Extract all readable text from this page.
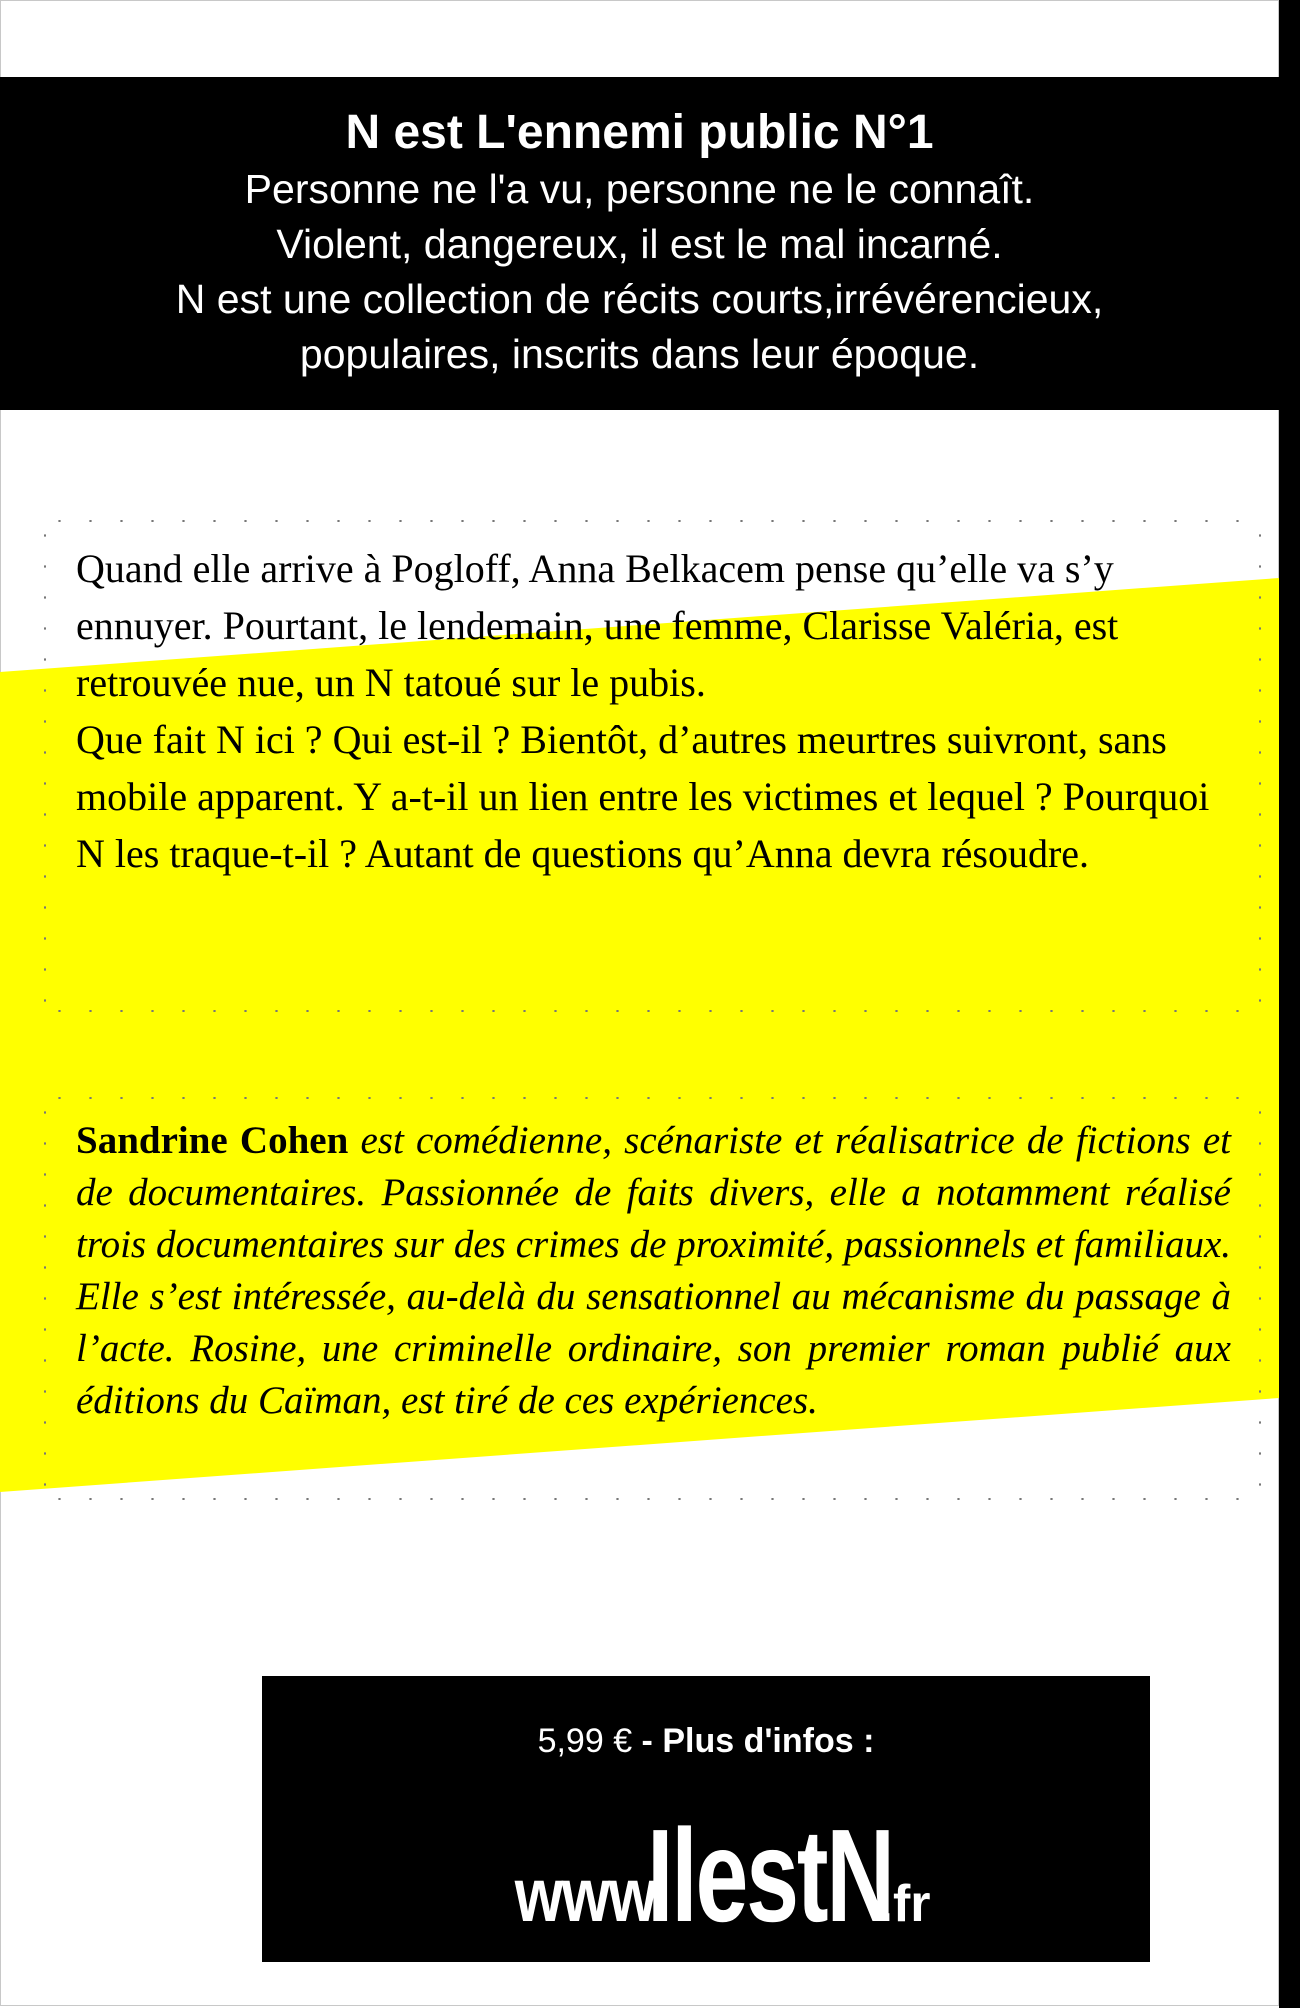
N est L'ennemi public N°1
Personne ne l'a vu, personne ne le connaît.
Violent, dangereux, il est le mal incarné.
N est une collection de récits courts,irrévérencieux,
populaires, inscrits dans leur époque.

Quand elle arrive à Pogloff, Anna Belkacem pense qu’elle va s’y ennuyer. Pourtant, le lendemain, une femme, Clarisse Valéria, est retrouvée nue, un N tatoué sur le pubis.

Que fait N ici ? Qui est-il ? Bientôt, d’autres meurtres suivront, sans mobile apparent. Y a-t-il un lien entre les victimes et lequel ? Pourquoi N les traque-t-il ? Autant de questions qu’Anna devra résoudre.

Sandrine Cohen est comédienne, scénariste et réalisatrice de fictions et de documentaires. Passionnée de faits divers, elle a notamment réalisé trois documentaires sur des crimes de proximité, passionnels et familiaux. Elle s’est intéressée, au-delà du sensationnel au mécanisme du passage à l’acte. Rosine, une criminelle ordinaire, son premier roman publié aux éditions du Caïman, est tiré de ces expériences.
5,99 € - Plus d'infos :
www.IlestN.fr
